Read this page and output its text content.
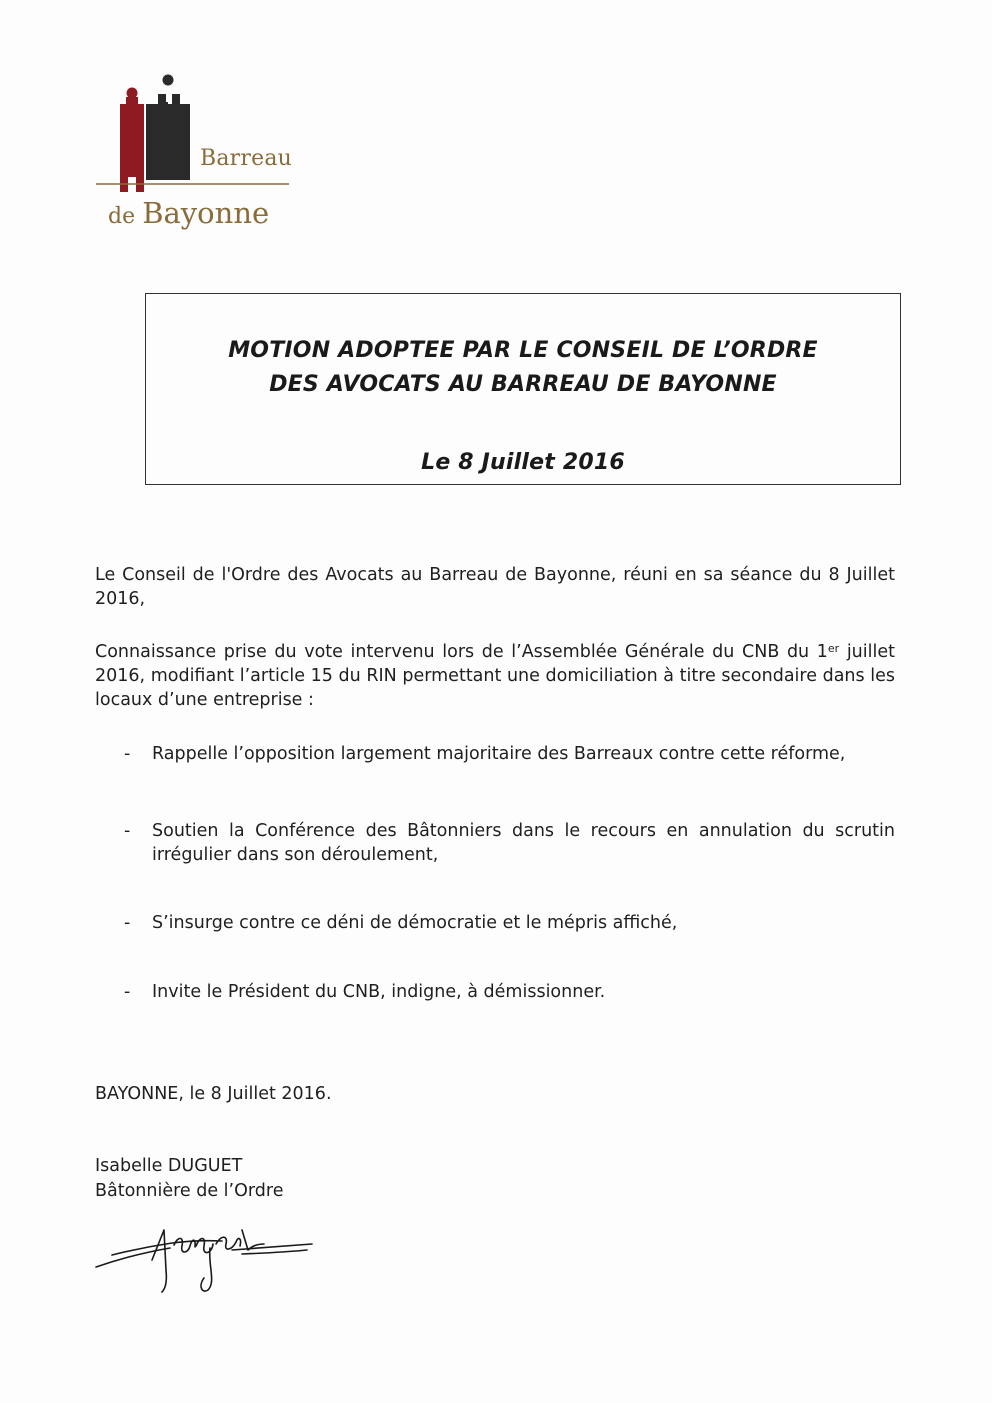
Barreau
de Bayonne
MOTION ADOPTEE PAR LE CONSEIL DE L’ORDRE
DES AVOCATS AU BARREAU DE BAYONNE
Le 8 Juillet 2016
Le Conseil de l'Ordre des Avocats au Barreau de Bayonne, réuni en sa séance du 8 Juillet 2016,
Connaissance prise du vote intervenu lors de l’Assemblée Générale du CNB du 1er juillet 2016, modifiant l’article 15 du RIN permettant une domiciliation à titre secondaire dans les locaux d’une entreprise :
- Rappelle l’opposition largement majoritaire des Barreaux contre cette réforme,
- Soutien la Conférence des Bâtonniers dans le recours en annulation du scrutin irrégulier dans son déroulement,
- S’insurge contre ce déni de démocratie et le mépris affiché,
- Invite le Président du CNB, indigne, à démissionner.
BAYONNE, le 8 Juillet 2016.
Isabelle DUGUET
Bâtonnière de l’Ordre
